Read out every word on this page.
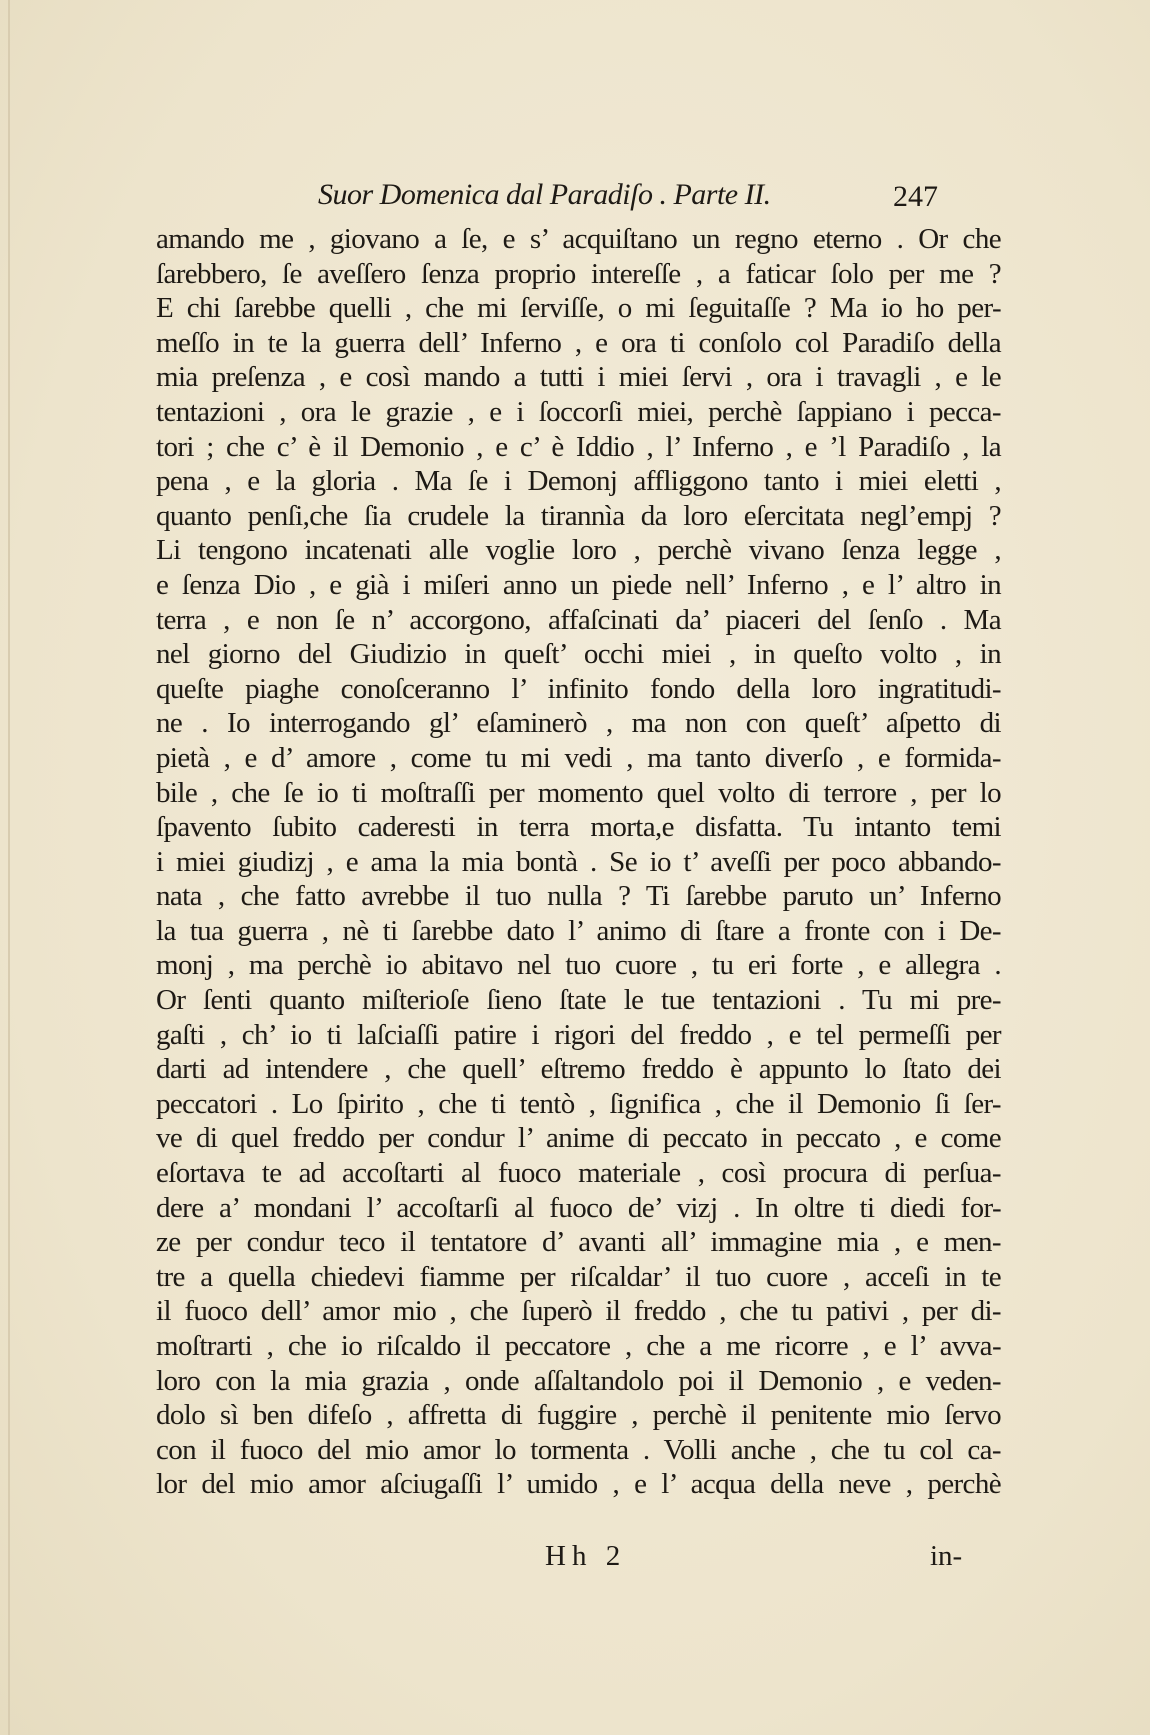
Suor Domenica dal Paradiſo . Parte II.	247
amando me , giovano a ſe, e s’ acquiſtano un regno eterno . Or che
ſarebbero, ſe aveſſero ſenza proprio intereſſe , a faticar ſolo per me ?
E chi ſarebbe quelli , che mi ſerviſſe, o mi ſeguitaſſe ? Ma io ho per-
meſſo in te la guerra dell’ Inferno , e ora ti conſolo col Paradiſo della
mia preſenza , e così mando a tutti i miei ſervi , ora i travagli , e le
tentazioni , ora le grazie , e i ſoccorſi miei, perchè ſappiano i pecca-
tori ; che c’ è il Demonio , e c’ è Iddio , l’ Inferno , e ’l Paradiſo , la
pena , e la gloria . Ma ſe i Demonj affliggono tanto i miei eletti ,
quanto penſi,che ſia crudele la tirannìa da loro eſercitata negl’empj ?
Li tengono incatenati alle voglie loro , perchè vivano ſenza legge ,
e ſenza Dio , e già i miſeri anno un piede nell’ Inferno , e l’ altro in
terra , e non ſe n’ accorgono, affaſcinati da’ piaceri del ſenſo . Ma
nel giorno del Giudizio in queſt’ occhi miei , in queſto volto , in
queſte piaghe conoſceranno l’ infinito fondo della loro ingratitudi-
ne . Io interrogando gl’ eſaminerò , ma non con queſt’ aſpetto di
pietà , e d’ amore , come tu mi vedi , ma tanto diverſo , e formida-
bile , che ſe io ti moſtraſſi per momento quel volto di terrore , per lo
ſpavento ſubito caderesti in terra morta,e disfatta. Tu intanto temi
i miei giudizj , e ama la mia bontà . Se io t’ aveſſi per poco abbando-
nata , che fatto avrebbe il tuo nulla ? Ti ſarebbe paruto un’ Inferno
la tua guerra , nè ti ſarebbe dato l’ animo di ſtare a fronte con i De-
monj , ma perchè io abitavo nel tuo cuore , tu eri forte , e allegra .
Or ſenti quanto miſterioſe ſieno ſtate le tue tentazioni . Tu mi pre-
gaſti , ch’ io ti laſciaſſi patire i rigori del freddo , e tel permeſſi per
darti ad intendere , che quell’ eſtremo freddo è appunto lo ſtato dei
peccatori . Lo ſpirito , che ti tentò , ſignifica , che il Demonio ſi ſer-
ve di quel freddo per condur l’ anime di peccato in peccato , e come
eſortava te ad accoſtarti al fuoco materiale , così procura di perſua-
dere a’ mondani l’ accoſtarſi al fuoco de’ vizj . In oltre ti diedi for-
ze per condur teco il tentatore d’ avanti all’ immagine mia , e men-
tre a quella chiedevi fiamme per riſcaldar’ il tuo cuore , acceſi in te
il fuoco dell’ amor mio , che ſuperò il freddo , che tu pativi , per di-
moſtrarti , che io riſcaldo il peccatore , che a me ricorre , e l’ avva-
loro con la mia grazia , onde aſſaltandolo poi il Demonio , e veden-
dolo sì ben difeſo , affretta di fuggire , perchè il penitente mio ſervo
con il fuoco del mio amor lo tormenta . Volli anche , che tu col ca-
lor del mio amor aſciugaſſi l’ umido , e l’ acqua della neve , perchè
Hh 2	in-
